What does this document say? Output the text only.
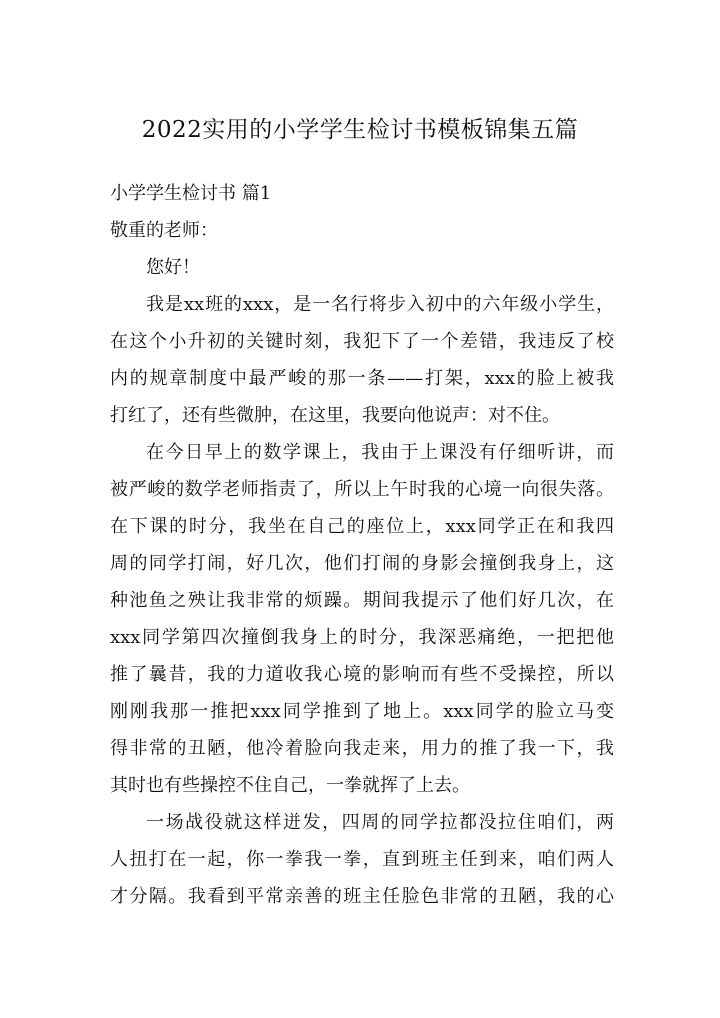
2022实用的小学学生检讨书模板锦集五篇
小学学生检讨书 篇1
敬重的老师：
您好！
我是xx班的xxx，是一名行将步入初中的六年级小学生，
在这个小升初的关键时刻，我犯下了一个差错，我违反了校
内的规章制度中最严峻的那一条——打架，xxx的脸上被我
打红了，还有些微肿，在这里，我要向他说声：对不住。
在今日早上的数学课上，我由于上课没有仔细听讲，而
被严峻的数学老师指责了，所以上午时我的心境一向很失落。
在下课的时分，我坐在自己的座位上，xxx同学正在和我四
周的同学打闹，好几次，他们打闹的身影会撞倒我身上，这
种池鱼之殃让我非常的烦躁。期间我提示了他们好几次，在
xxx同学第四次撞倒我身上的时分，我深恶痛绝，一把把他
推了曩昔，我的力道收我心境的影响而有些不受操控，所以
刚刚我那一推把xxx同学推到了地上。xxx同学的脸立马变
得非常的丑陋，他冷着脸向我走来，用力的推了我一下，我
其时也有些操控不住自己，一拳就挥了上去。
一场战役就这样迸发，四周的同学拉都没拉住咱们，两
人扭打在一起，你一拳我一拳，直到班主任到来，咱们两人
才分隔。我看到平常亲善的班主任脸色非常的丑陋，我的心
